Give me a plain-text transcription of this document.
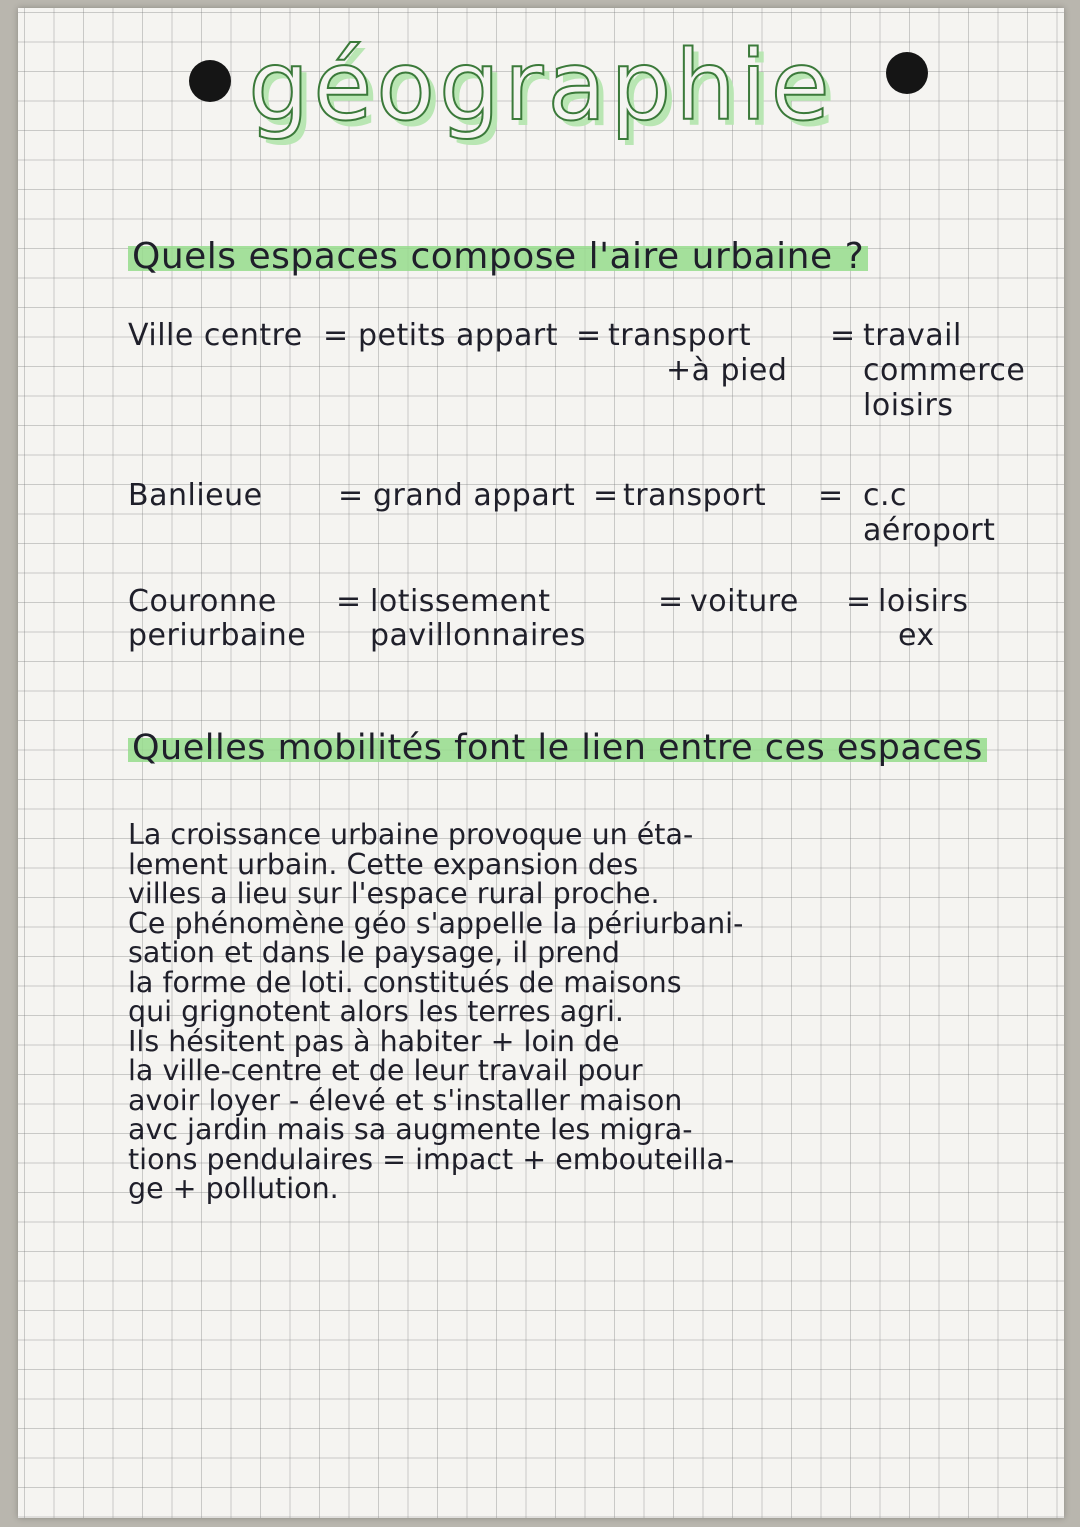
géographie
Quels espaces compose l'aire urbaine ?
Ville centre = petits appart = transport
+à pied
= travail
commerce
loisirs
Banlieue	= grand appart = transport = c.c
aéroport
Couronne
periurbaine
= lotissement
pavillonnaires
= voiture = loisirs
ex
Quelles mobilités font le lien entre ces espaces
La croissance urbaine provoque un éta-
lement urbain. Cette expansion des
villes a lieu sur l'espace rural proche.
Ce phénomène géo s'appelle la périurbani-
sation et dans le paysage, il prend
la forme de loti. constitués de maisons
qui grignotent alors les terres agri.
Ils hésitent pas à habiter + loin de
la ville-centre et de leur travail pour
avoir loyer - élevé et s'installer maison
avc jardin mais sa augmente les migra-
tions pendulaires = impact + embouteilla-
ge + pollution.
